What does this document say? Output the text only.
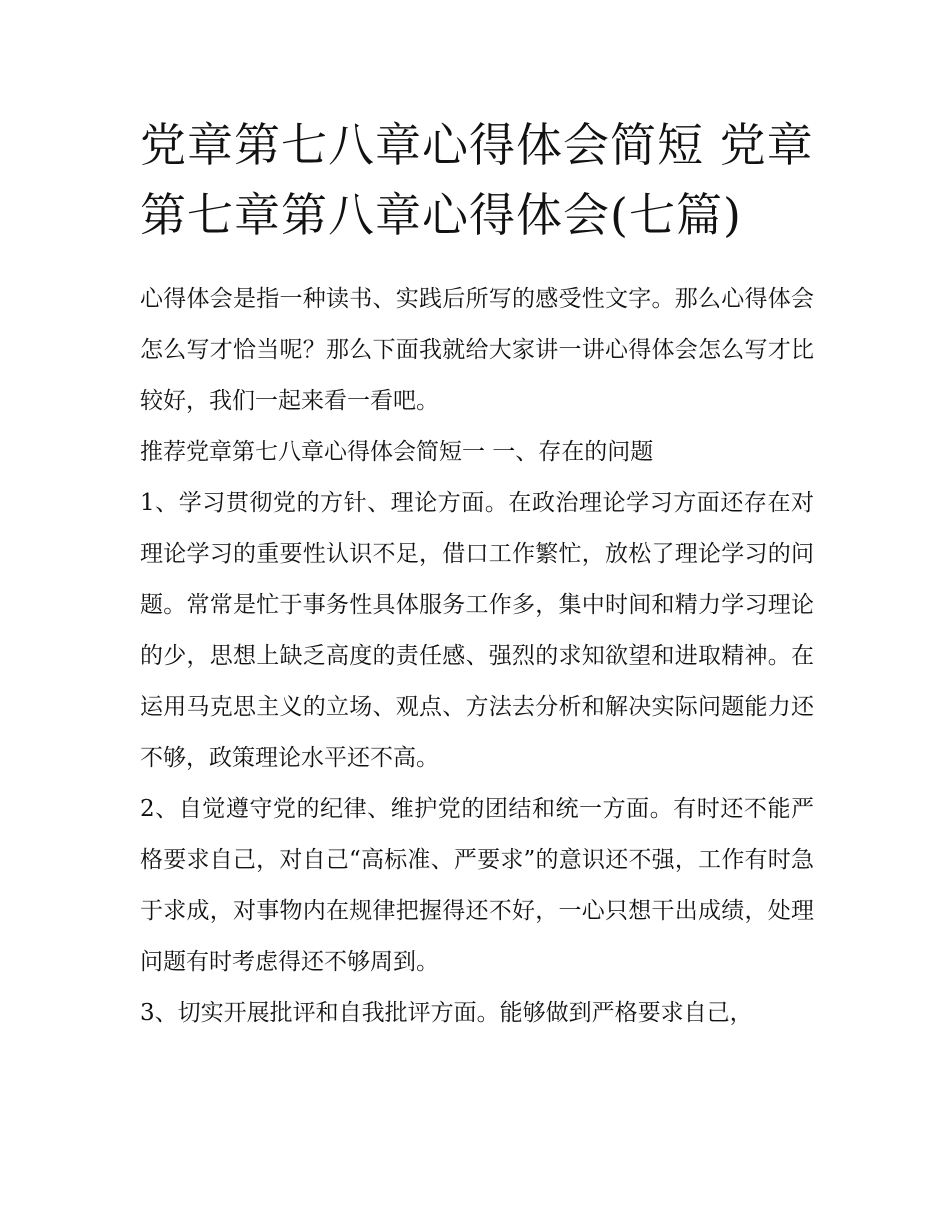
党章第七八章心得体会简短 党章第七章第八章心得体会(七篇)

心得体会是指一种读书、实践后所写的感受性文字。那么心得体会怎么写才恰当呢？那么下面我就给大家讲一讲心得体会怎么写才比较好，我们一起来看一看吧。

推荐党章第七八章心得体会简短一 一、存在的问题

1、学习贯彻党的方针、理论方面。在政治理论学习方面还存在对理论学习的重要性认识不足，借口工作繁忙，放松了理论学习的问题。常常是忙于事务性具体服务工作多，集中时间和精力学习理论的少，思想上缺乏高度的责任感、强烈的求知欲望和进取精神。在运用马克思主义的立场、观点、方法去分析和解决实际问题能力还不够，政策理论水平还不高。

2、自觉遵守党的纪律、维护党的团结和统一方面。有时还不能严格要求自己，对自己“高标准、严要求”的意识还不强，工作有时急于求成，对事物内在规律把握得还不好，一心只想干出成绩，处理问题有时考虑得还不够周到。

3、切实开展批评和自我批评方面。能够做到严格要求自己，
